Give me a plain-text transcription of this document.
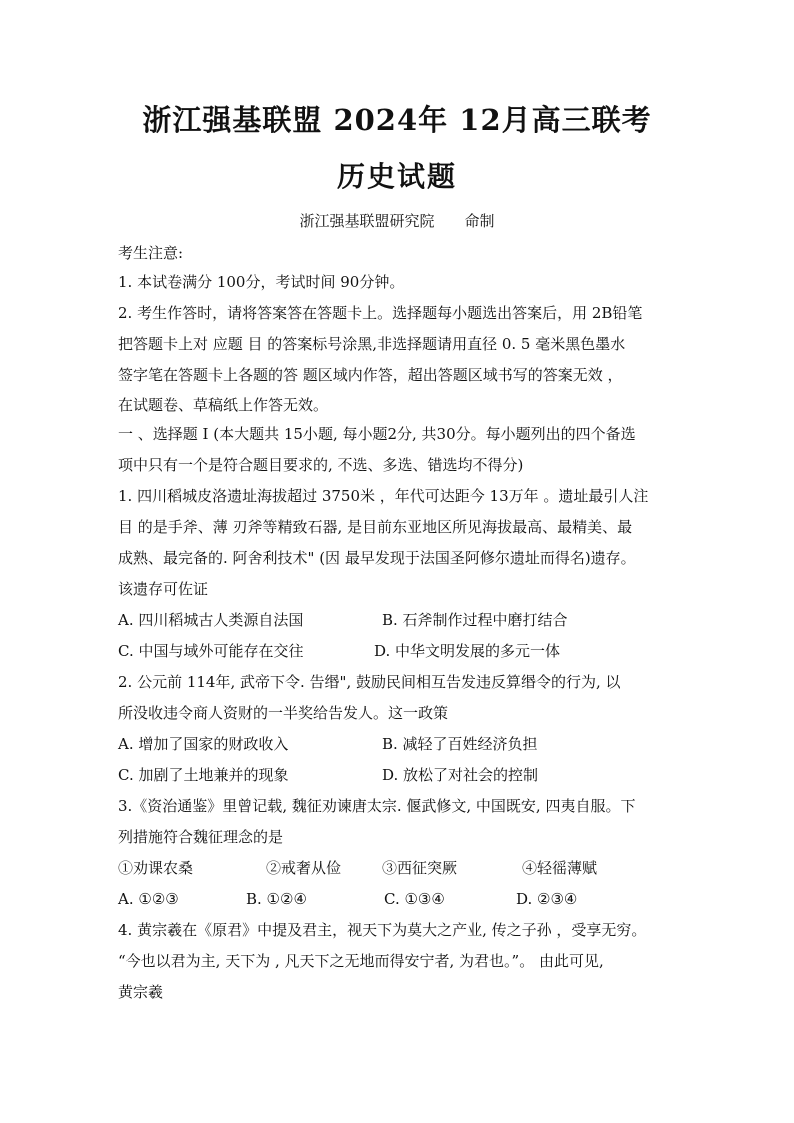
浙江强基联盟 2024年 12月高三联考
历史试题
浙江强基联盟研究院 命制
考生注意:
1. 本试卷满分 100分，考试时间 90分钟。
2. 考生作答时，请将答案答在答题卡上。选择题每小题选出答案后，用 2B铅笔
把答题卡上对 应题 目 的答案标号涂黑,非选择题请用直径 0. 5 毫米黑色墨水
签字笔在答题卡上各题的答 题区域内作答，超出答题区域书写的答案无效 ，
在试题卷、草稿纸上作答无效。
一 、选择题 Ⅰ (本大题共 15小题, 每小题2分, 共30分。每小题列出的四个备选
项中只有一个是符合题目要求的, 不选、多选、错选均不得分)
1. 四川稻城皮洛遗址海拔超过 3750米 ，年代可达距今 13万年 。遗址最引人注
目 的是手斧、薄 刃斧等精致石器, 是目前东亚地区所见海拔最高、最精美、最
成熟、最完备的. 阿舍利技术" (因 最早发现于法国圣阿修尔遗址而得名)遗存。
该遗存可佐证
A. 四川稻城古人类源自法国	B. 石斧制作过程中磨打结合
C. 中国与域外可能存在交往	D. 中华文明发展的多元一体
2. 公元前 114年, 武帝下令. 告缗", 鼓励民间相互告发违反算缗令的行为, 以
所没收违令商人资财的一半奖给告发人。这一政策
A. 增加了国家的财政收入	B. 减轻了百姓经济负担
C. 加剧了土地兼并的现象	D. 放松了对社会的控制
3.《资治通鉴》里曾记载, 魏征劝谏唐太宗. 偃武修文, 中国既安, 四夷自服。下
列措施符合魏征理念的是
①劝课农桑	②戒奢从俭	③西征突厥	④轻徭薄赋
A. ①②③	B. ①②④	C. ①③④	D. ②③④
4. 黄宗羲在《原君》中提及君主，视天下为莫大之产业, 传之子孙 ，受享无穷。
“今也以君为主, 天下为 , 凡天下之无地而得安宁者, 为君也。”。 由此可见,
黄宗羲
